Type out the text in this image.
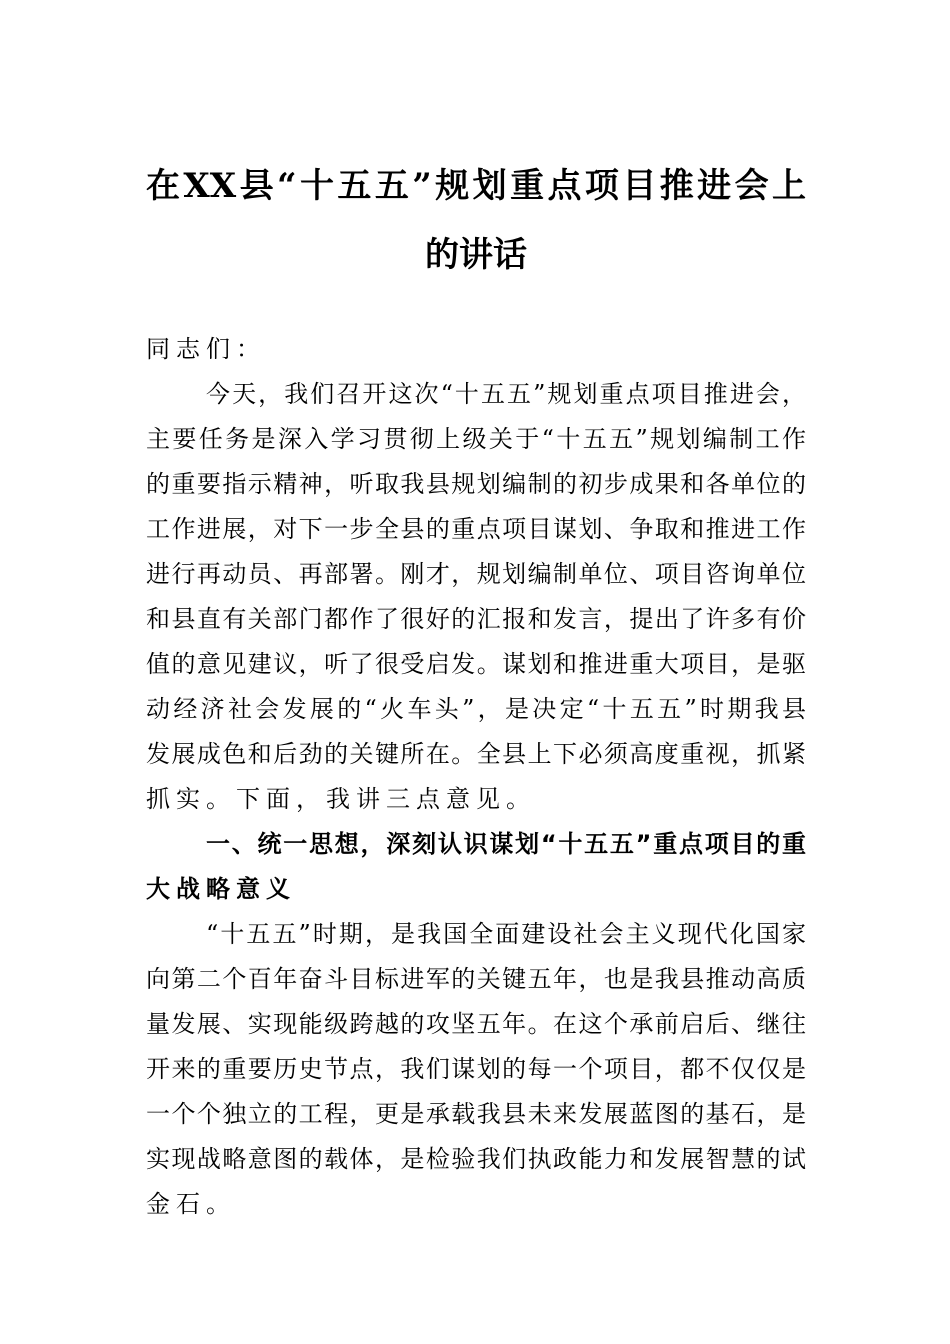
在XX县“十五五”规划重点项目推进会上
的讲话
同志们：
今天，我们召开这次“十五五”规划重点项目推进会，
主要任务是深入学习贯彻上级关于“十五五”规划编制工作
的重要指示精神，听取我县规划编制的初步成果和各单位的
工作进展，对下一步全县的重点项目谋划、争取和推进工作
进行再动员、再部署。刚才，规划编制单位、项目咨询单位
和县直有关部门都作了很好的汇报和发言，提出了许多有价
值的意见建议，听了很受启发。谋划和推进重大项目，是驱
动经济社会发展的“火车头”，是决定“十五五”时期我县
发展成色和后劲的关键所在。全县上下必须高度重视，抓紧
抓实。下面，我讲三点意见。
一、统一思想，深刻认识谋划“十五五”重点项目的重
大战略意义
“十五五”时期，是我国全面建设社会主义现代化国家
向第二个百年奋斗目标进军的关键五年，也是我县推动高质
量发展、实现能级跨越的攻坚五年。在这个承前启后、继往
开来的重要历史节点，我们谋划的每一个项目，都不仅仅是
一个个独立的工程，更是承载我县未来发展蓝图的基石，是
实现战略意图的载体，是检验我们执政能力和发展智慧的试
金石。
